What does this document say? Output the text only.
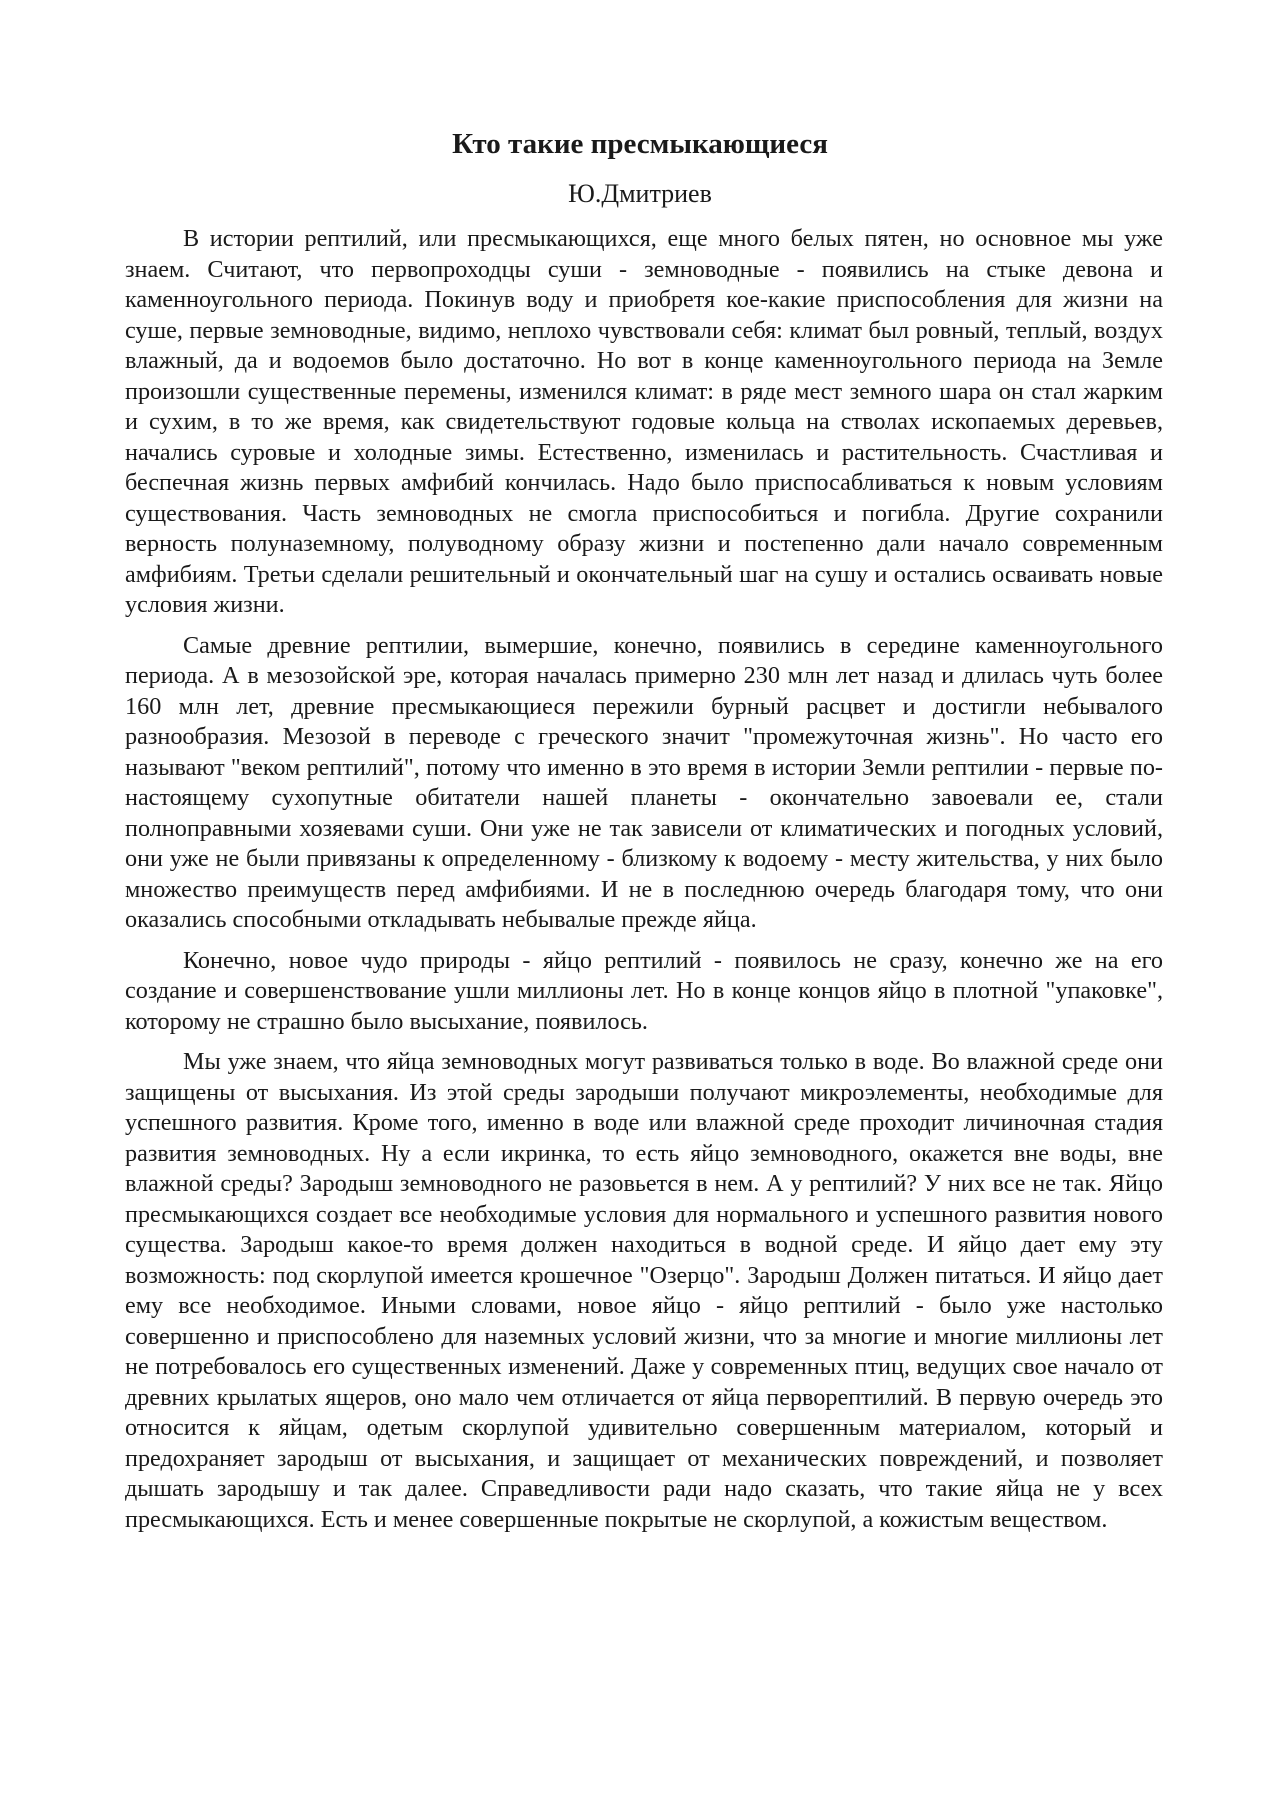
Кто такие пресмыкающиеся

Ю.Дмитриев

В истории рептилий, или пресмыкающихся, еще много белых пятен, но основное мы уже знаем. Считают, что первопроходцы суши - земноводные - появились на стыке девона и каменноугольного периода. Покинув воду и приобретя кое-какие приспособления для жизни на суше, первые земноводные, видимо, неплохо чувствовали себя: климат был ровный, теплый, воздух влажный, да и водоемов было достаточно. Но вот в конце каменноугольного периода на Земле произошли существенные перемены, изменился климат: в ряде мест земного шара он стал жарким и сухим, в то же время, как свидетельствуют годовые кольца на стволах ископаемых деревьев, начались суровые и холодные зимы. Естественно, изменилась и растительность. Счастливая и беспечная жизнь первых амфибий кончилась. Надо было приспосабливаться к новым условиям существования. Часть земноводных не смогла приспособиться и погибла. Другие сохранили верность полуназемному, полуводному образу жизни и постепенно дали начало современным амфибиям. Третьи сделали решительный и окончательный шаг на сушу и остались осваивать новые условия жизни.

Самые древние рептилии, вымершие, конечно, появились в середине каменноугольного периода. А в мезозойской эре, которая началась примерно 230 млн лет назад и длилась чуть более 160 млн лет, древние пресмыкающиеся пережили бурный расцвет и достигли небывалого разнообразия. Мезозой в переводе с греческого значит "промежуточная жизнь". Но часто его называют "веком рептилий", потому что именно в это время в истории Земли рептилии - первые по-настоящему сухопутные обитатели нашей планеты - окончательно завоевали ее, стали полноправными хозяевами суши. Они уже не так зависели от климатических и погодных условий, они уже не были привязаны к определенному - близкому к водоему - месту жительства, у них было множество преимуществ перед амфибиями. И не в последнюю очередь благодаря тому, что они оказались способными откладывать небывалые прежде яйца.

Конечно, новое чудо природы - яйцо рептилий - появилось не сразу, конечно же на его создание и совершенствование ушли миллионы лет. Но в конце концов яйцо в плотной "упаковке", которому не страшно было высыхание, появилось.

Мы уже знаем, что яйца земноводных могут развиваться только в воде. Во влажной среде они защищены от высыхания. Из этой среды зародыши получают микроэлементы, необходимые для успешного развития. Кроме того, именно в воде или влажной среде проходит личиночная стадия развития земноводных. Ну а если икринка, то есть яйцо земноводного, окажется вне воды, вне влажной среды? Зародыш земноводного не разовьется в нем. А у рептилий? У них все не так. Яйцо пресмыкающихся создает все необходимые условия для нормального и успешного развития нового существа. Зародыш какое-то время должен находиться в водной среде. И яйцо дает ему эту возможность: под скорлупой имеется крошечное "Озерцо". Зародыш Должен питаться. И яйцо дает ему все необходимое. Иными словами, новое яйцо - яйцо рептилий - было уже настолько совершенно и приспособлено для наземных условий жизни, что за многие и многие миллионы лет не потребовалось его существенных изменений. Даже у современных птиц, ведущих свое начало от древних крылатых ящеров, оно мало чем отличается от яйца перворептилий. В первую очередь это относится к яйцам, одетым скорлупой удивительно совершенным материалом, который и предохраняет зародыш от высыхания, и защищает от механических повреждений, и позволяет дышать зародышу и так далее. Справедливости ради надо сказать, что такие яйца не у всех пресмыкающихся. Есть и менее совершенные покрытые не скорлупой, а кожистым веществом.
